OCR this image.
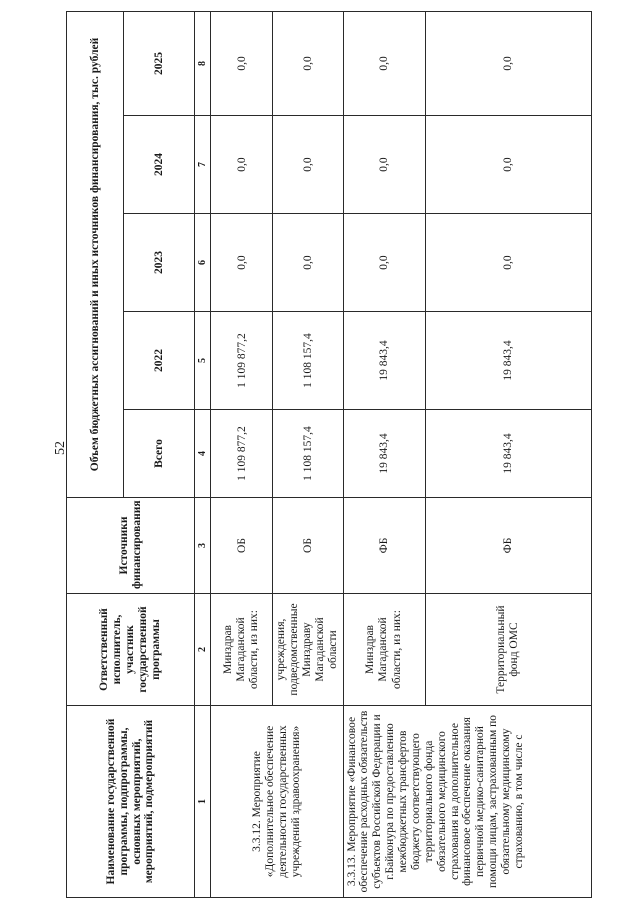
52
Наименование государственной программы, подпрограммы, основных мероприятий, мероприятий, подмероприятий	Ответственный исполнитель, участник государственной программы	Источники финансирования	Объем бюджетных ассигнований и иных источников финансирования, тыс. рублей				
			Всего	2022	2023	2024	2025
1	2	3	4	5	6	7	8
3.3.12. Мероприятие «Дополнительное обеспечение деятельности государственных учреждений здравоохранения»	Минздрав Магаданской области, из них:	ОБ	1 109 877,2	1 109 877,2	0,0	0,0	0,0
	учреждения, подведомственные Минздраву Магаданской области	ОБ	1 108 157,4	1 108 157,4	0,0	0,0	0,0
3.3.13. Мероприятие «Финансовое обеспечение расходных обязательств субъектов Российской Федерации и г.Байконура по предоставлению межбюджетных трансфертов бюджету соответствующего территориального фонда обязательного медицинского страхования на дополнительное финансовое обеспечение оказания первичной медико-санитарной помощи лицам, застрахованным по обязательному медицинскому страхованию, в том числе с	Минздрав Магаданской области, из них:	ФБ	19 843,4	19 843,4	0,0	0,0	0,0
	Территориальный фонд ОМС	ФБ	19 843,4	19 843,4	0,0	0,0	0,0
